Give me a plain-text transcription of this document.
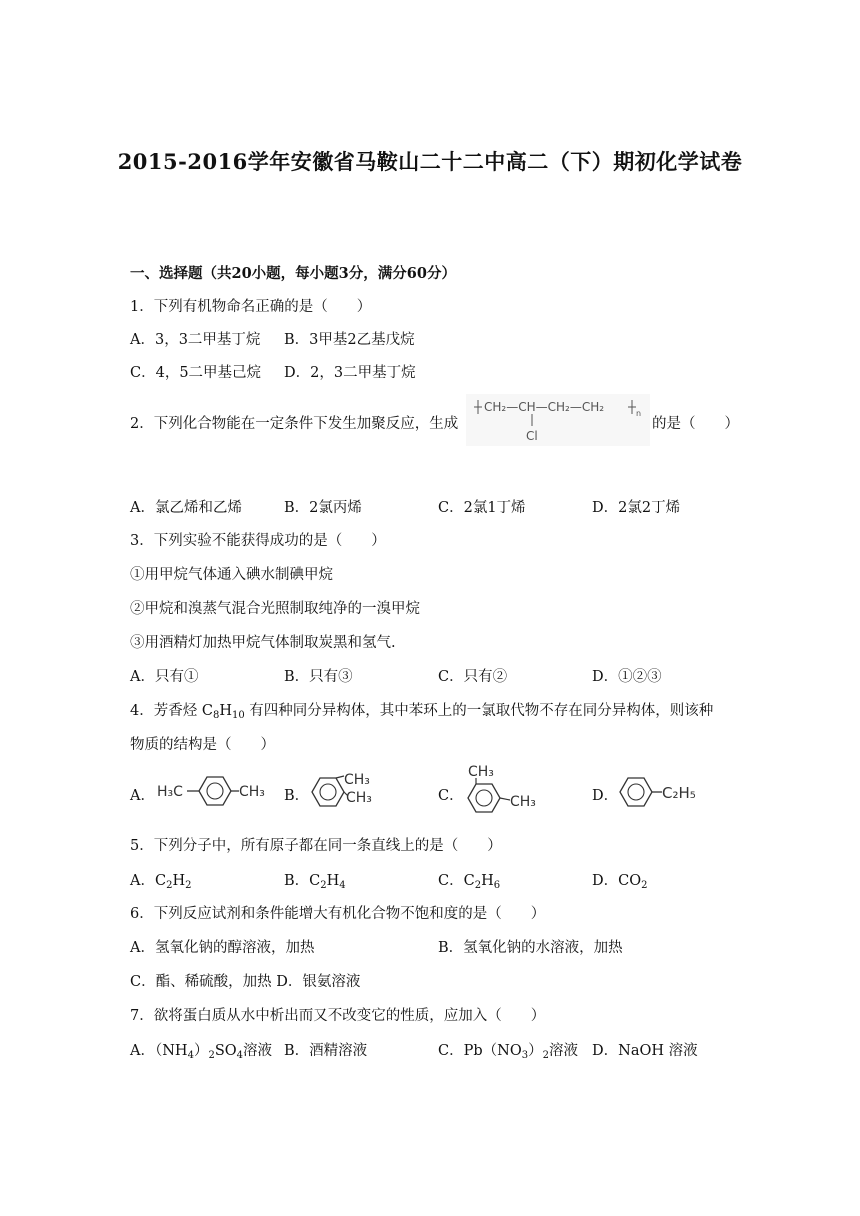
2015-2016学年安徽省马鞍山二十二中高二（下）期初化学试卷
一、选择题（共20小题，每小题3分，满分60分）
1．下列有机物命名正确的是（　　）
A．3，3二甲基丁烷 B．3甲基2乙基戊烷
C．4，5二甲基己烷 D．2，3二甲基丁烷
2．下列化合物能在一定条件下发生加聚反应，生成
CH₂—CH—CH₂—CH₂	n
Cl
的是（　　）
A．氯乙烯和乙烯	B．2氯丙烯	C．2氯1丁烯	D．2氯2丁烯
3．下列实验不能获得成功的是（　　）
①用甲烷气体通入碘水制碘甲烷
②甲烷和溴蒸气混合光照制取纯净的一溴甲烷
③用酒精灯加热甲烷气体制取炭黑和氢气.
A．只有①	B．只有③	C．只有②	D．①②③
4．芳香烃 $C_8H_{10}$ 有四种同分异构体，其中苯环上的一氯取代物不存在同分异构体，则该种
物质的结构是（　　）
A． H₃C	CH₃ B．
CH₃
CH₃	C．
CH₃
CH₃	D．	C₂H₅
5．下列分子中，所有原子都在同一条直线上的是（　　）
A．$C_2H_2$	B．$C_2H_4$	C．$C_2H_6$	D．$CO_2$
6．下列反应试剂和条件能增大有机化合物不饱和度的是（　　）
A．氢氧化钠的醇溶液，加热	B．氢氧化钠的水溶液，加热
C．酯、稀硫酸，加热 D．银氨溶液
7．欲将蛋白质从水中析出而又不改变它的性质，应加入（　　）
A．$(NH_4)_2SO_4$溶液 B．酒精溶液	C．$Pb(NO_3)_2$溶液 D．NaOH 溶液
